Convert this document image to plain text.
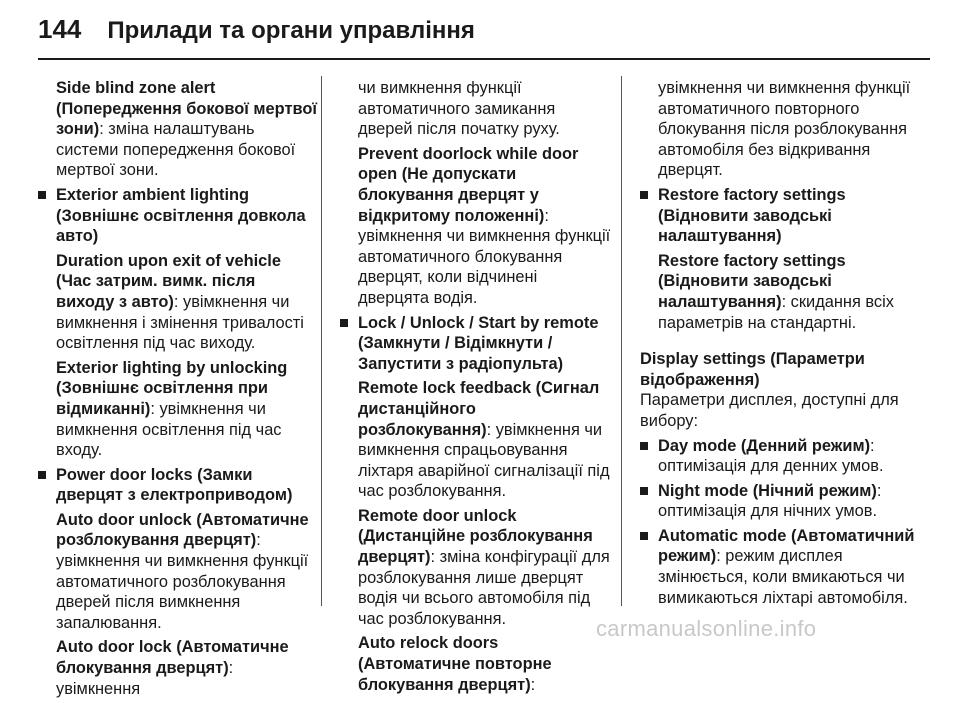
144 Прилади та органи управління
Side blind zone alert (Попередження бокової мертвої зони): зміна налаштувань системи попередження бокової мертвої зони.
Exterior ambient lighting (Зовнішнє освітлення довкола авто)
Duration upon exit of vehicle (Час затрим. вимк. після виходу з авто): увімкнення чи вимкнення і змінення тривалості освітлення під час виходу.
Exterior lighting by unlocking (Зовнішнє освітлення при відмиканні): увімкнення чи вимкнення освітлення під час входу.
Power door locks (Замки дверцят з електроприводом)
Auto door unlock (Автоматичне розблокування дверцят): увімкнення чи вимкнення функції автоматичного розблокування дверей після вимкнення запалювання.
Auto door lock (Автоматичне блокування дверцят): увімкнення
чи вимкнення функції автоматичного замикання дверей після початку руху.
Prevent doorlock while door open (Не допускати блокування дверцят у відкритому положенні): увімкнення чи вимкнення функції автоматичного блокування дверцят, коли відчинені дверцята водія.
Lock / Unlock / Start by remote (Замкнути / Відімкнути / Запустити з радіопульта)
Remote lock feedback (Сигнал дистанційного розблокування): увімкнення чи вимкнення спрацьовування ліхтаря аварійної сигналізації під час розблокування.
Remote door unlock (Дистанційне розблокування дверцят): зміна конфігурації для розблокування лише дверцят водія чи всього автомобіля під час розблокування.
Auto relock doors (Автоматичне повторне блокування дверцят):
увімкнення чи вимкнення функції автоматичного повторного блокування після розблокування автомобіля без відкривання дверцят.
Restore factory settings (Відновити заводські налаштування)
Restore factory settings (Відновити заводські налаштування): скидання всіх параметрів на стандартні.
Display settings (Параметри відображення)
Параметри дисплея, доступні для вибору:
Day mode (Денний режим): оптимізація для денних умов.
Night mode (Нічний режим): оптимізація для нічних умов.
Automatic mode (Автоматичний режим): режим дисплея змінюється, коли вмикаються чи вимикаються ліхтарі автомобіля.
carmanualsonline.info
